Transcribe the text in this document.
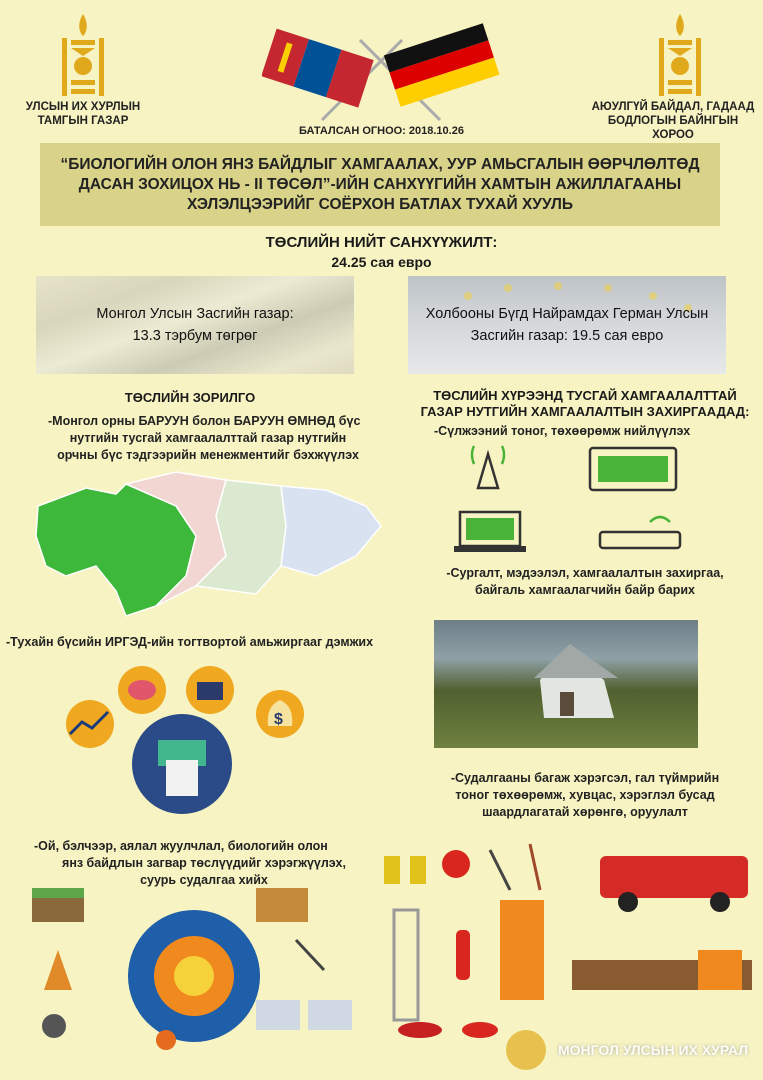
УЛСЫН ИХ ХУРЛЫН
ТАМГЫН ГАЗАР
АЮУЛГҮЙ БАЙДАЛ, ГАДААД
БОДЛОГЫН БАЙНГЫН ХОРОО
БАТАЛСАН ОГНОО: 2018.10.26
“БИОЛОГИЙН ОЛОН ЯНЗ БАЙДЛЫГ ХАМГААЛАХ, УУР АМЬСГАЛЫН ӨӨРЧЛӨЛТӨД
ДАСАН ЗОХИЦОХ НЬ - II ТӨСӨЛ”-ИЙН САНХҮҮГИЙН ХАМТЫН АЖИЛЛАГААНЫ
ХЭЛЭЛЦЭЭРИЙГ СОЁРХОН БАТЛАХ ТУХАЙ ХУУЛЬ
ТӨСЛИЙН НИЙТ САНХҮҮЖИЛТ:
24.25 сая евро
Монгол Улсын Засгийн газар:
13.3 тэрбум төгрөг
Холбооны Бүгд Найрамдах Герман Улсын
Засгийн газар: 19.5 сая евро
ТӨСЛИЙН ЗОРИЛГО
-Монгол орны БАРУУН болон БАРУУН ӨМНӨД бүс
нутгийн тусгай хамгаалалттай газар нутгийн
орчны бүс тэдгээрийн менежментийг бэхжүүлэх
-Тухайн бүсийн ИРГЭД-ийн тогтвортой амьжиргааг дэмжих
$
-Ой, бэлчээр, аялал жуулчлал, биологийн олон
янз байдлын загвар төслүүдийг хэрэгжүүлэх,
суурь судалгаа хийх
ТӨСЛИЙН ХҮРЭЭНД ТУСГАЙ ХАМГААЛАЛТТАЙ
ГАЗАР НУТГИЙН ХАМГААЛАЛТЫН ЗАХИРГААДАД:
-Сүлжээний тоног, төхөөрөмж нийлүүлэх
-Сургалт, мэдээлэл, хамгаалалтын захиргаа,
байгаль хамгаалагчийн байр барих
-Судалгааны багаж хэрэгсэл, гал түймрийн
тоног төхөөрөмж, хувцас, хэрэглэл бусад
шаардлагатай хөрөнгө, оруулалт
МОНГОЛ УЛСЫН ИХ ХУРАЛ
